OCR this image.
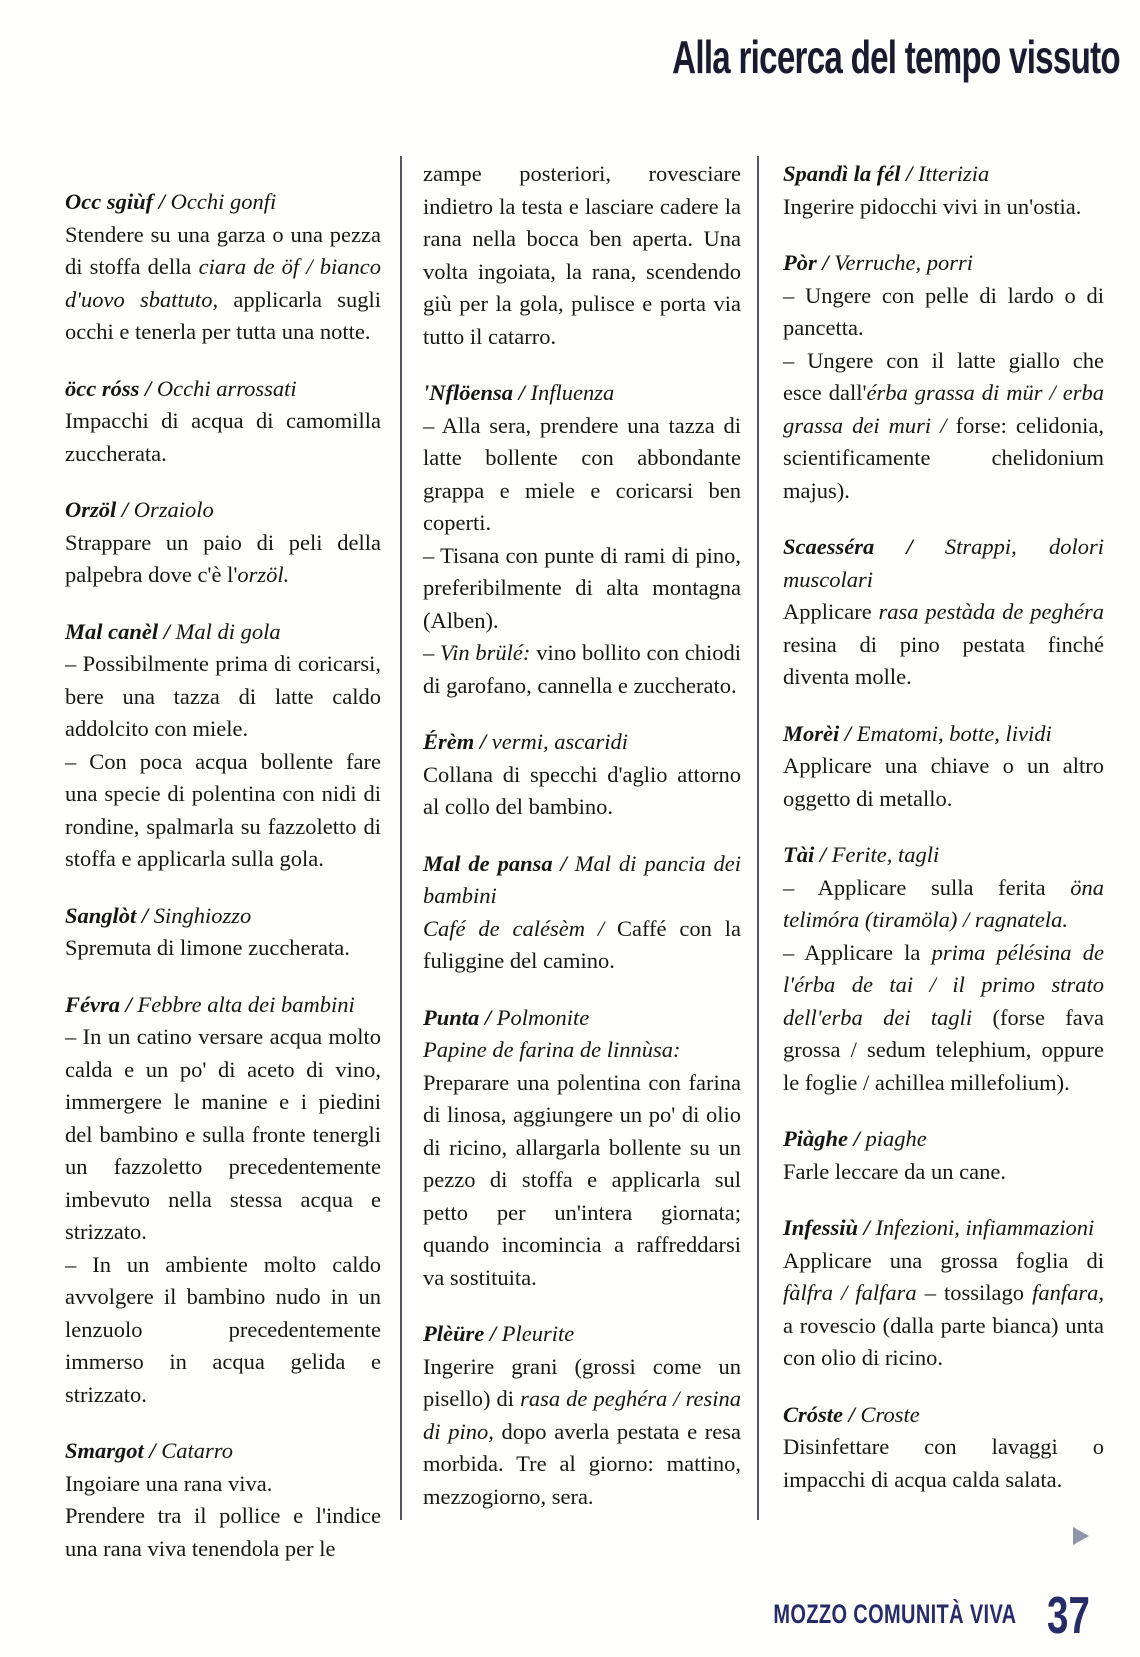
Alla ricerca del tempo vissuto
Occ sgiùf / Occhi gonfi

Stendere su una garza o una pezza di stoffa della ciara de öf / bianco d'uovo sbattuto, applicarla sugli occhi e tenerla per tutta una notte.

öcc róss / Occhi arrossati

Impacchi di acqua di camomilla zuccherata.

Orzöl / Orzaiolo

Strappare un paio di peli della palpebra dove c'è l'orzöl.

Mal canèl / Mal di gola

– Possibilmente prima di coricarsi, bere una tazza di latte caldo addolcito con miele.

– Con poca acqua bollente fare una specie di polentina con nidi di rondine, spalmarla su fazzoletto di stoffa e applicarla sulla gola.

Sanglòt / Singhiozzo

Spremuta di limone zuccherata.

Févra / Febbre alta dei bambini

– In un catino versare acqua molto calda e un po' di aceto di vino, immergere le manine e i piedini del bambino e sulla fronte tenergli un fazzoletto precedentemente imbevuto nella stessa acqua e strizzato.

– In un ambiente molto caldo avvolgere il bambino nudo in un lenzuolo precedentemente immerso in acqua gelida e strizzato.

Smargot / Catarro

Ingoiare una rana viva.

Prendere tra il pollice e l'indice una rana viva tenendola per le

zampe posteriori, rovesciare indietro la testa e lasciare cadere la rana nella bocca ben aperta. Una volta ingoiata, la rana, scendendo giù per la gola, pulisce e porta via tutto il catarro.

'Nflöensa / Influenza

– Alla sera, prendere una tazza di latte bollente con abbondante grappa e miele e coricarsi ben coperti.

– Tisana con punte di rami di pino, preferibilmente di alta montagna (Alben).

– Vin brülé: vino bollito con chiodi di garofano, cannella e zuccherato.

Érèm / vermi, ascaridi

Collana di specchi d'aglio attorno al collo del bambino.

Mal de pansa / Mal di pancia dei bambini

Café de calésèm / Caffé con la fuliggine del camino.

Punta / Polmonite

Papine de farina de linnùsa:

Preparare una polentina con farina di linosa, aggiungere un po' di olio di ricino, allargarla bollente su un pezzo di stoffa e applicarla sul petto per un'intera giornata; quando incomincia a raffreddarsi va sostituita.

Plèüre / Pleurite

Ingerire grani (grossi come un pisello) di rasa de peghéra / resina di pino, dopo averla pestata e resa morbida. Tre al giorno: mattino, mezzogiorno, sera.

Spandì la fél / Itterizia

Ingerire pidocchi vivi in un'ostia.

Pòr / Verruche, porri

– Ungere con pelle di lardo o di pancetta.

– Ungere con il latte giallo che esce dall'érba grassa di mür / erba grassa dei muri / forse: celidonia, scientificamente chelidonium majus).

Scaesséra / Strappi, dolori muscolari

Applicare rasa pestàda de peghéra resina di pino pestata finché diventa molle.

Morèi / Ematomi, botte, lividi

Applicare una chiave o un altro oggetto di metallo.

Tài / Ferite, tagli

– Applicare sulla ferita öna telimóra (tiramöla) / ragnatela.

– Applicare la prima pélésina de l'érba de tai / il primo strato dell'erba dei tagli (forse fava grossa / sedum telephium, oppure le foglie / achillea millefolium).

Piàghe / piaghe

Farle leccare da un cane.

Infessiù / Infezioni, infiammazioni

Applicare una grossa foglia di fàlfra / falfara – tossilago fanfara, a rovescio (dalla parte bianca) unta con olio di ricino.

Cróste / Croste

Disinfettare con lavaggi o impacchi di acqua calda salata.

MOZZO COMUNITÀ VIVA 37
